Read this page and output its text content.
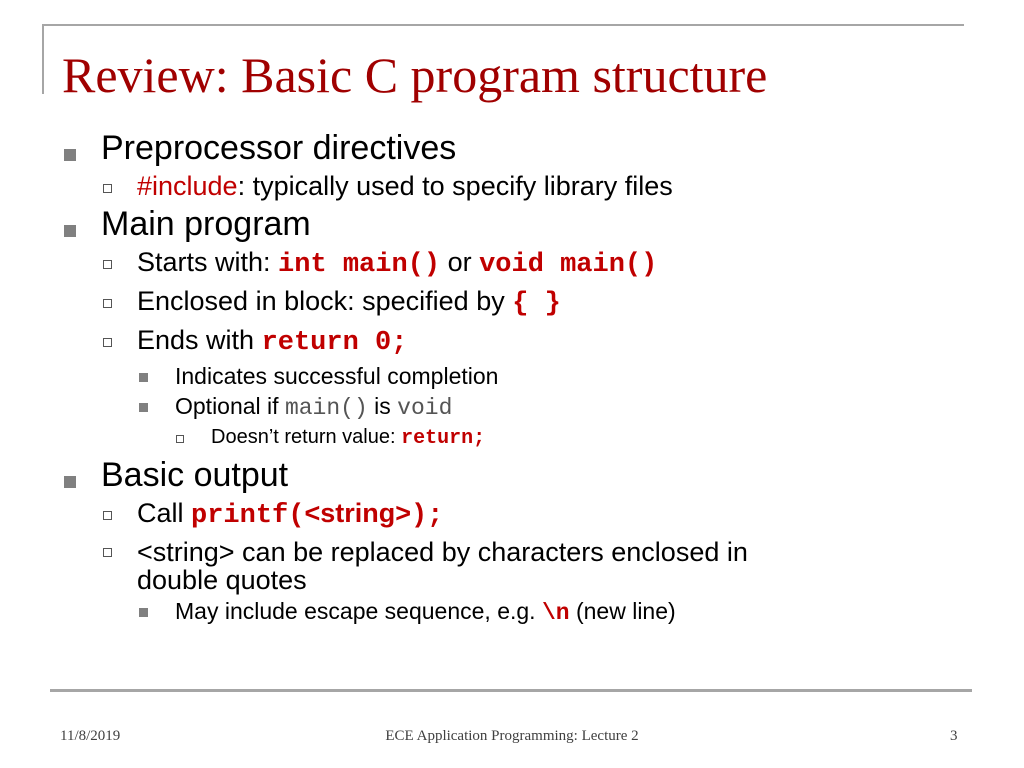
Review: Basic C program structure
Preprocessor directives
#include: typically used to specify library files
Main program
Starts with: int main() or void main()
Enclosed in block: specified by { }
Ends with return 0;
Indicates successful completion
Optional if main() is void
Doesn’t return value: return;
Basic output
Call printf(<string>);
<string> can be replaced by characters enclosed in
double quotes
May include escape sequence, e.g. \n (new line)
11/8/2019	ECE Application Programming: Lecture 2	3
